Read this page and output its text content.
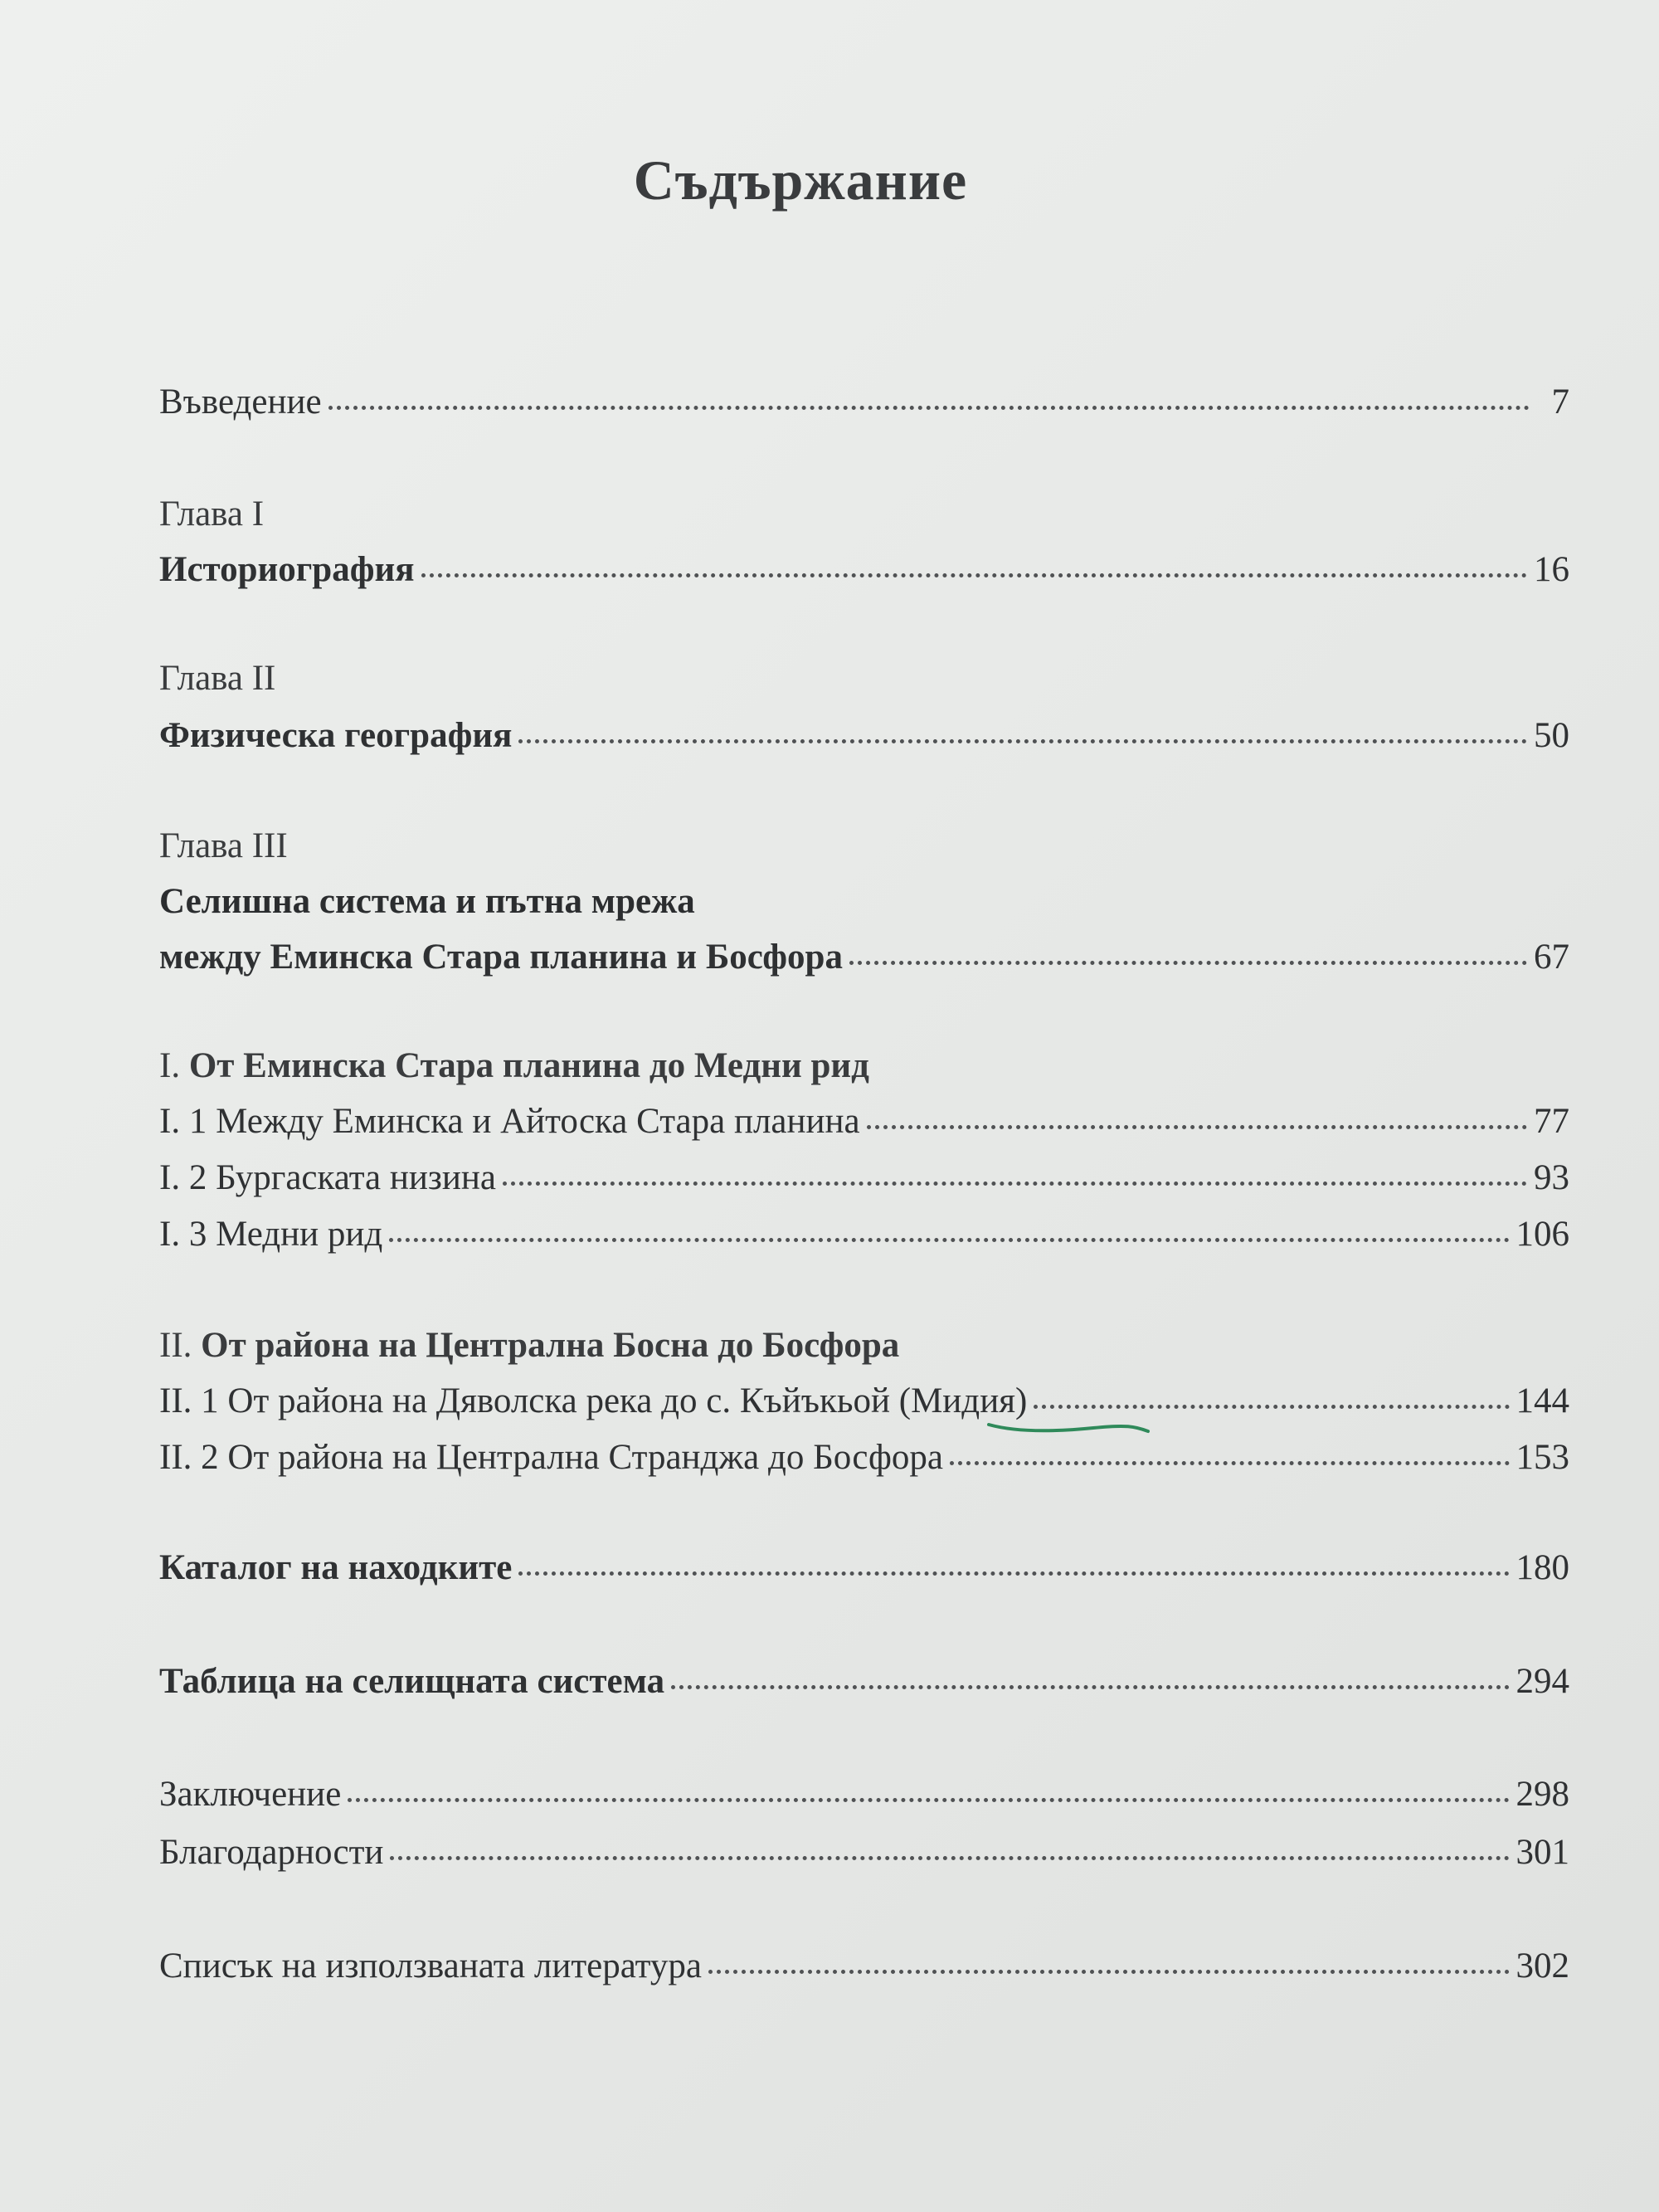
Съдържание
Въведение	7
Глава I
Историография	16
Глава II
Физическа география	50
Глава III
Селишна система и пътна мрежа
между Еминска Стара планина и Босфора	67
I. От Еминска Стара планина до Медни рид
I. 1 Между Еминска и Айтоска Стара планина	77
I. 2 Бургаската низина	93
I. 3 Медни рид	106
II. От района на Централна Босна до Босфора
II. 1 От района на Дяволска река до с. Къйъкьой (Мидия)	144
II. 2 От района на Централна Странджа до Босфора	153
Каталог на находките	180
Таблица на селищната система	294
Заключение	298
Благодарности	301
Списък на използваната литература	302
